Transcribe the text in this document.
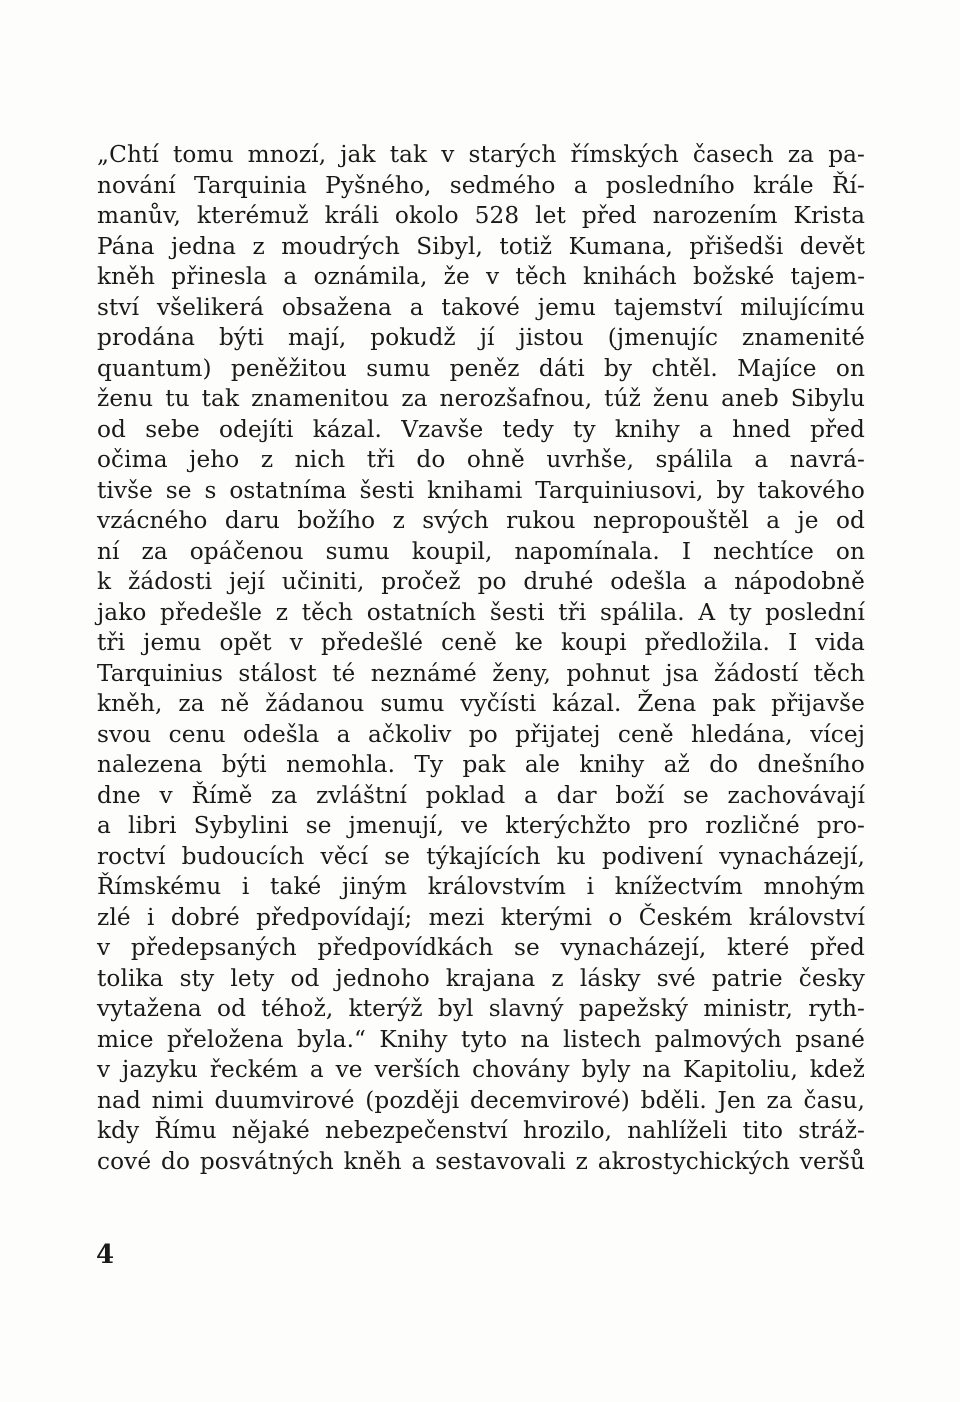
„Chtí tomu mnozí, jak tak v starých římských časech za pa-
nování Tarquinia Pyšného, sedmého a posledního krále Ří-
manův, kterémuž králi okolo 528 let před narozením Krista
Pána jedna z moudrých Sibyl, totiž Kumana, přišedši devět
kněh přinesla a oznámila, že v těch knihách božské tajem-
ství všelikerá obsažena a takové jemu tajemství milujícímu
prodána býti mají, pokudž jí jistou (jmenujíc znamenité
quantum) peněžitou sumu peněz dáti by chtěl. Majíce on
ženu tu tak znamenitou za nerozšafnou, túž ženu aneb Sibylu
od sebe odejíti kázal. Vzavše tedy ty knihy a hned před
očima jeho z nich tři do ohně uvrhše, spálila a navrá-
tivše se s ostatníma šesti knihami Tarquiniusovi, by takového
vzácného daru božího z svých rukou nepropouštěl a je od
ní za opáčenou sumu koupil, napomínala. I nechtíce on
k žádosti její učiniti, pročež po druhé odešla a nápodobně
jako předešle z těch ostatních šesti tři spálila. A ty poslední
tři jemu opět v předešlé ceně ke koupi předložila. I vida
Tarquinius stálost té neznámé ženy, pohnut jsa žádostí těch
kněh, za ně žádanou sumu vyčísti kázal. Žena pak přijavše
svou cenu odešla a ačkoliv po přijatej ceně hledána, vícej
nalezena býti nemohla. Ty pak ale knihy až do dnešního
dne v Římě za zvláštní poklad a dar boží se zachovávají
a libri Sybylini se jmenují, ve kterýchžto pro rozličné pro-
roctví budoucích věcí se týkajících ku podivení vynacházejí,
Římskému i také jiným královstvím i knížectvím mnohým
zlé i dobré předpovídají; mezi kterými o Českém království
v předepsaných předpovídkách se vynacházejí, které před
tolika sty lety od jednoho krajana z lásky své patrie česky
vytažena od téhož, kterýž byl slavný papežský ministr, ryth-
mice přeložena byla.“ Knihy tyto na listech palmových psané
v jazyku řeckém a ve verších chovány byly na Kapitoliu, kdež
nad nimi duumvirové (později decemvirové) bděli. Jen za času,
kdy Římu nějaké nebezpečenství hrozilo, nahlíželi tito stráž-
cové do posvátných kněh a sestavovali z akrostychických veršů
4
